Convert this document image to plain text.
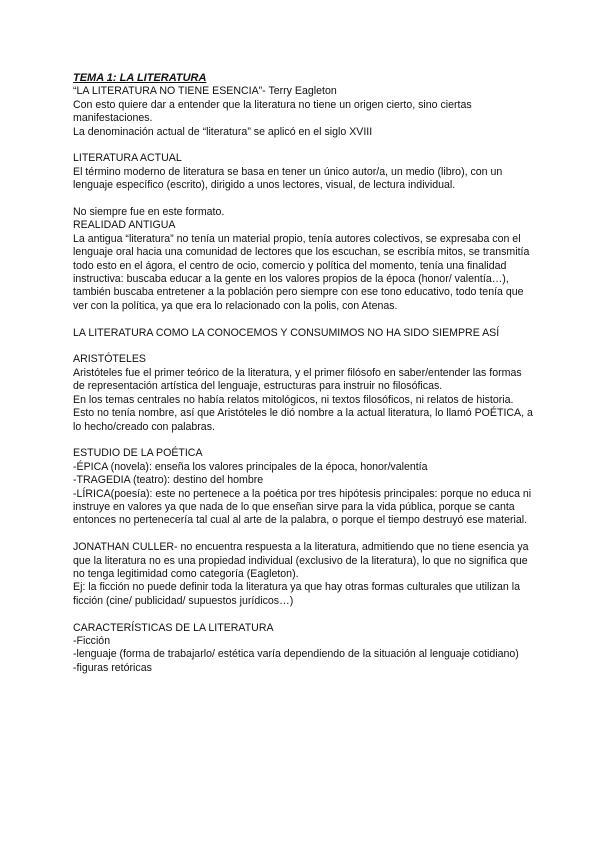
TEMA 1: LA LITERATURA

“LA LITERATURA NO TIENE ESENCIA”- Terry Eagleton

Con esto quiere dar a entender que la literatura no tiene un origen cierto, sino ciertas manifestaciones.

La denominación actual de “literatura” se aplicó en el siglo XVIII

LITERATURA ACTUAL

El término moderno de literatura se basa en tener un único autor/a, un medio (libro), con un lenguaje específico (escrito), dirigido a unos lectores, visual, de lectura individual.

No siempre fue en este formato.

REALIDAD ANTIGUA

La antigua “literatura” no tenía un material propio, tenía autores colectivos, se expresaba con el lenguaje oral hacia una comunidad de lectores que los escuchan, se escribía mitos, se transmitía todo esto en el ágora, el centro de ocio, comercio y política del momento, tenía una finalidad instructiva: buscaba educar a la gente en los valores propios de la época (honor/ valentía…), también buscaba entretener a la población pero siempre con ese tono educativo, todo tenía que ver con la política, ya que era lo relacionado con la polis, con Atenas.

LA LITERATURA COMO LA CONOCEMOS Y CONSUMIMOS NO HA SIDO SIEMPRE ASÍ

ARISTÓTELES

Aristóteles fue el primer teórico de la literatura, y el primer filósofo en saber/entender las formas de representación artística del lenguaje, estructuras para instruir no filosóficas.

En los temas centrales no había relatos mitológicos, ni textos filosóficos, ni relatos de historia. Esto no tenía nombre, así que Aristóteles le dió nombre a la actual literatura, lo llamó POÉTICA, a lo hecho/creado con palabras.

ESTUDIO DE LA POÉTICA

-ÉPICA (novela): enseña los valores principales de la época, honor/valentía

-TRAGEDIA (teatro): destino del hombre

-LÍRICA(poesía): este no pertenece a la poética por tres hipótesis principales: porque no educa ni instruye en valores ya que nada de lo que enseñan sirve para la vida pública, porque se canta entonces no pertenecería tal cual al arte de la palabra, o porque el tiempo destruyó ese material.

JONATHAN CULLER- no encuentra respuesta a la literatura, admitiendo que no tiene esencia ya que la literatura no es una propiedad individual (exclusivo de la literatura), lo que no significa que no tenga legitimidad como categoría (Eagleton).

Ej: la ficción no puede definir toda la literatura ya que hay otras formas culturales que utilizan la ficción (cine/ publicidad/ supuestos jurídicos…)

CARACTERÍSTICAS DE LA LITERATURA

-Ficción

-lenguaje (forma de trabajarlo/ estética varía dependiendo de la situación al lenguaje cotidiano)

-figuras retóricas
